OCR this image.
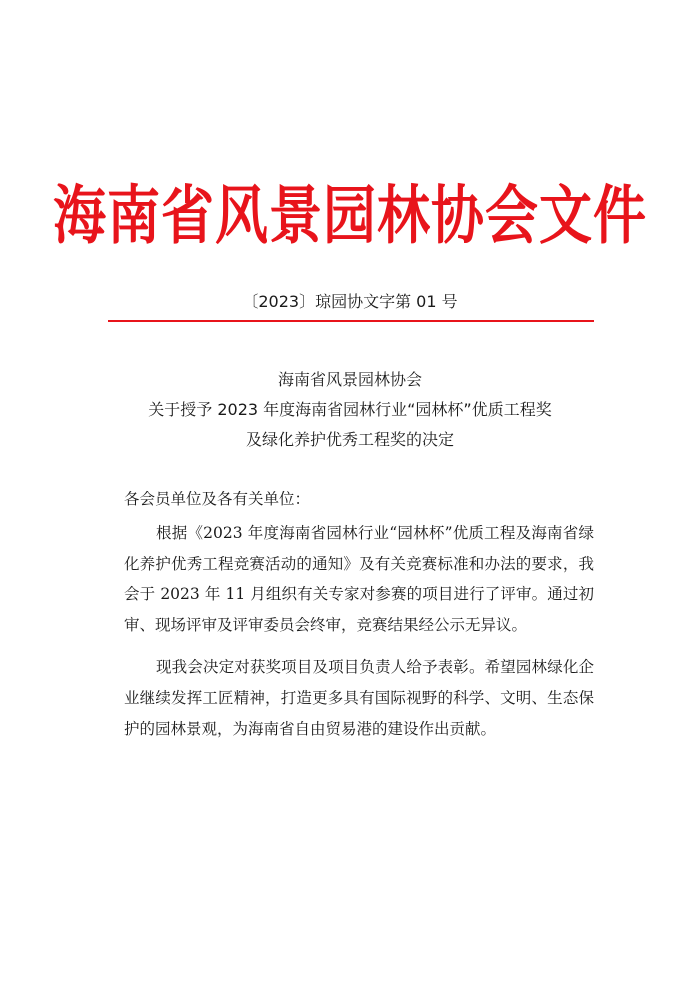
海南省风景园林协会文件
〔2023〕琼园协文字第 01 号
海南省风景园林协会
关于授予 2023 年度海南省园林行业“园林杯”优质工程奖
及绿化养护优秀工程奖的决定
各会员单位及各有关单位：

根据《2023 年度海南省园林行业“园林杯”优质工程及海南省绿化养护优秀工程竞赛活动的通知》及有关竞赛标准和办法的要求，我会于 2023 年 11 月组织有关专家对参赛的项目进行了评审。通过初审、现场评审及评审委员会终审，竞赛结果经公示无异议。

现我会决定对获奖项目及项目负责人给予表彰。希望园林绿化企业继续发挥工匠精神，打造更多具有国际视野的科学、文明、生态保护的园林景观，为海南省自由贸易港的建设作出贡献。
